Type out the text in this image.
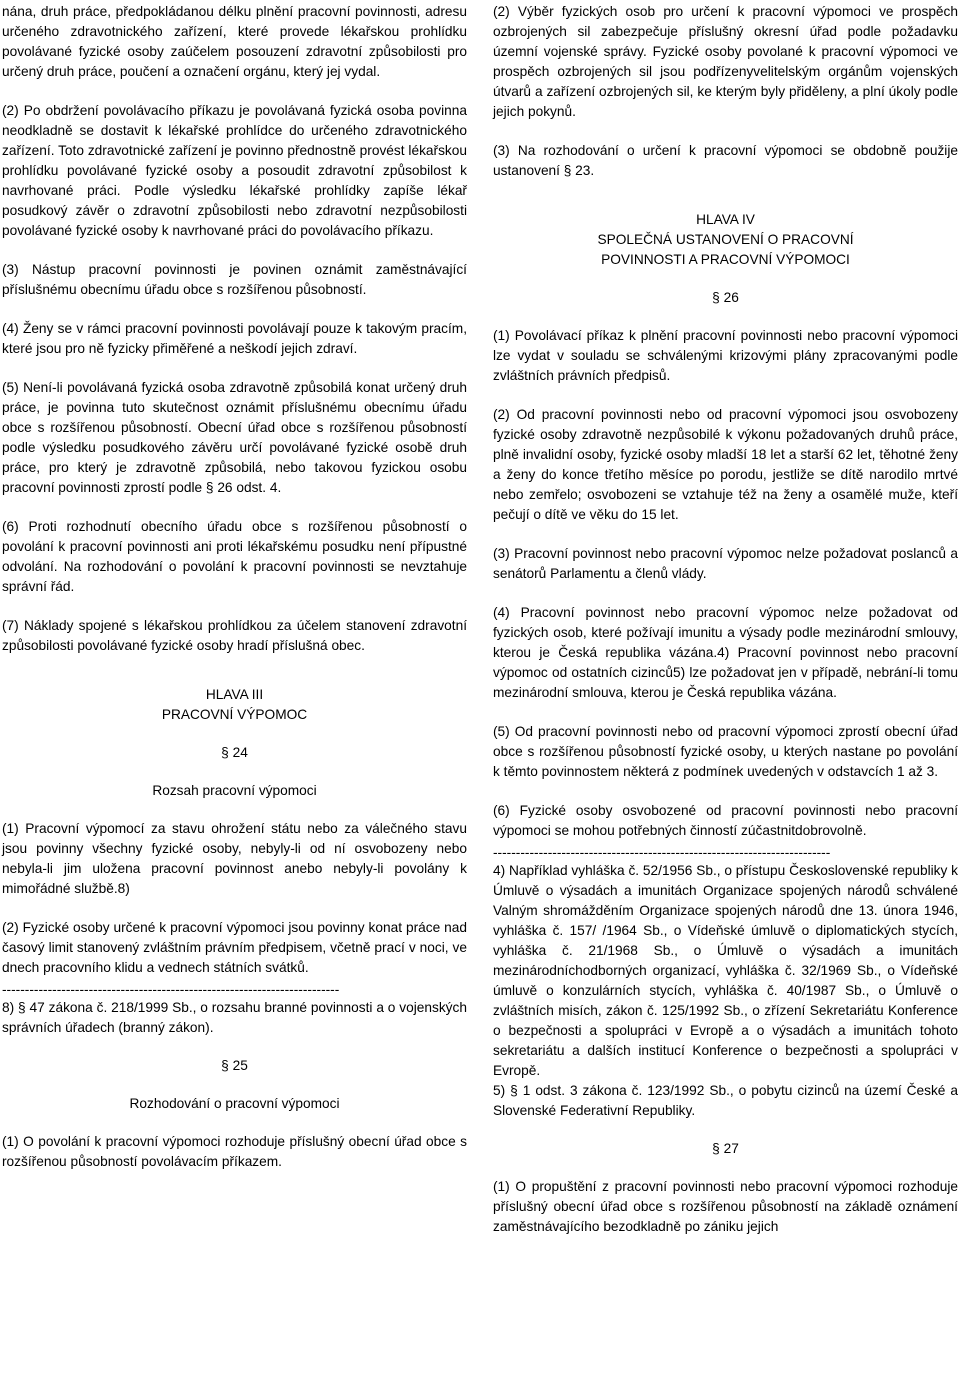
nána, druh práce, předpokládanou délku plnění pracovní povinnosti, adresu určeného zdravotnického zařízení, které provede lékařskou prohlídku povolávané fyzické osoby zaúčelem posouzení zdravotní způsobilosti pro určený druh práce, poučení a označení orgánu, který jej vydal.

(2) Po obdržení povolávacího příkazu je povolávaná fyzická osoba povinna neodkladně se dostavit k lékařské prohlídce do určeného zdravotnického zařízení. Toto zdravotnické zařízení je povinno přednostně provést lékařskou prohlídku povolávané fyzické osoby a posoudit zdravotní způsobilost k navrhované práci. Podle výsledku lékařské prohlídky zapíše lékař posudkový závěr o zdravotní způsobilosti nebo zdravotní nezpůsobilosti povolávané fyzické osoby k navrhované práci do povolávacího příkazu.

(3) Nástup pracovní povinnosti je povinen oznámit zaměstnávající příslušnému obecnímu úřadu obce s rozšířenou působností.

(4) Ženy se v rámci pracovní povinnosti povolávají pouze k takovým pracím, které jsou pro ně fyzicky přiměřené a neškodí jejich zdraví.

(5) Není-li povolávaná fyzická osoba zdravotně způsobilá konat určený druh práce, je povinna tuto skutečnost oznámit příslušnému obecnímu úřadu obce s rozšířenou působností. Obecní úřad obce s rozšířenou působností podle výsledku posudkového závěru určí povolávané fyzické osobě druh práce, pro který je zdravotně způsobilá, nebo takovou fyzickou osobu pracovní povinnosti zprostí podle § 26 odst. 4.

(6) Proti rozhodnutí obecního úřadu obce s rozšířenou působností o povolání k pracovní povinnosti ani proti lékařskému posudku není přípustné odvolání. Na rozhodování o povolání k pracovní povinnosti se nevztahuje správní řád.

(7) Náklady spojené s lékařskou prohlídkou za účelem stanovení zdravotní způsobilosti povolávané fyzické osoby hradí příslušná obec.

HLAVA III

PRACOVNÍ VÝPOMOC

§ 24

Rozsah pracovní výpomoci

(1) Pracovní výpomocí za stavu ohrožení státu nebo za válečného stavu jsou povinny všechny fyzické osoby, nebyly-li od ní osvobozeny nebo nebyla-li jim uložena pracovní povinnost anebo nebyly-li povolány k mimořádné službě.8)

(2) Fyzické osoby určené k pracovní výpomoci jsou povinny konat práce nad časový limit stanovený zvláštním právním předpisem, včetně prací v noci, ve dnech pracovního klidu a vednech státních svátků.

--------------------------------------------------------------------------

8) § 47 zákona č. 218/1999 Sb., o rozsahu branné povinnosti a o vojenských správních úřadech (branný zákon).

§ 25

Rozhodování o pracovní výpomoci

(1) O povolání k pracovní výpomoci rozhoduje příslušný obecní úřad obce s rozšířenou působností povolávacím příkazem.

(2) Výběr fyzických osob pro určení k pracovní výpomoci ve prospěch ozbrojených sil zabezpečuje příslušný okresní úřad podle požadavku územní vojenské správy. Fyzické osoby povolané k pracovní výpomoci ve prospěch ozbrojených sil jsou podřízenyvelitelským orgánům vojenských útvarů a zařízení ozbrojených sil, ke kterým byly přiděleny, a plní úkoly podle jejich pokynů.

(3) Na rozhodování o určení k pracovní výpomoci se obdobně použije ustanovení § 23.

HLAVA IV

SPOLEČNÁ USTANOVENÍ O PRACOVNÍ

POVINNOSTI A PRACOVNÍ VÝPOMOCI

§ 26

(1) Povolávací příkaz k plnění pracovní povinnosti nebo pracovní výpomoci lze vydat v souladu se schválenými krizovými plány zpracovanými podle zvláštních právních předpisů.

(2) Od pracovní povinnosti nebo od pracovní výpomoci jsou osvobozeny fyzické osoby zdravotně nezpůsobilé k výkonu požadovaných druhů práce, plně invalidní osoby, fyzické osoby mladší 18 let a starší 62 let, těhotné ženy a ženy do konce třetího měsíce po porodu, jestliže se dítě narodilo mrtvé nebo zemřelo; osvobozeni se vztahuje též na ženy a osamělé muže, kteří pečují o dítě ve věku do 15 let.

(3) Pracovní povinnost nebo pracovní výpomoc nelze požadovat poslanců a senátorů Parlamentu a členů vlády.

(4) Pracovní povinnost nebo pracovní výpomoc nelze požadovat od fyzických osob, které požívají imunitu a výsady podle mezinárodní smlouvy, kterou je Česká republika vázána.4) Pracovní povinnost nebo pracovní výpomoc od ostatních cizinců5) lze požadovat jen v případě, nebrání-li tomu mezinárodní smlouva, kterou je Česká republika vázána.

(5) Od pracovní povinnosti nebo od pracovní výpomoci zprostí obecní úřad obce s rozšířenou působností fyzické osoby, u kterých nastane po povolání k těmto povinnostem některá z podmínek uvedených v odstavcích 1 až 3.

(6) Fyzické osoby osvobozené od pracovní povinnosti nebo pracovní výpomoci se mohou potřebných činností zúčastnitdobrovolně.

--------------------------------------------------------------------------

4) Například vyhláška č. 52/1956 Sb., o přístupu Československé republiky k Úmluvě o výsadách a imunitách Organizace spojených národů schválené Valným shromážděním Organizace spojených národů dne 13. února 1946, vyhláška č. 157/ /1964 Sb., o Vídeňské úmluvě o diplomatických stycích, vyhláška č. 21/1968 Sb., o Úmluvě o výsadách a imunitách mezinárodníchodborných organizací, vyhláška č. 32/1969 Sb., o Vídeňské úmluvě o konzulárních stycích, vyhláška č. 40/1987 Sb., o Úmluvě o zvláštních misích, zákon č. 125/1992 Sb., o zřízení Sekretariátu Konference o bezpečnosti a spolupráci v Evropě a o výsadách a imunitách tohoto sekretariátu a dalších institucí Konference o bezpečnosti a spolupráci v Evropě.

5) § 1 odst. 3 zákona č. 123/1992 Sb., o pobytu cizinců na území České a Slovenské Federativní Republiky.

§ 27

(1) O propuštění z pracovní povinnosti nebo pracovní výpomoci rozhoduje příslušný obecní úřad obce s rozšířenou působností na základě oznámení zaměstnávajícího bezodkladně po zániku jejich
